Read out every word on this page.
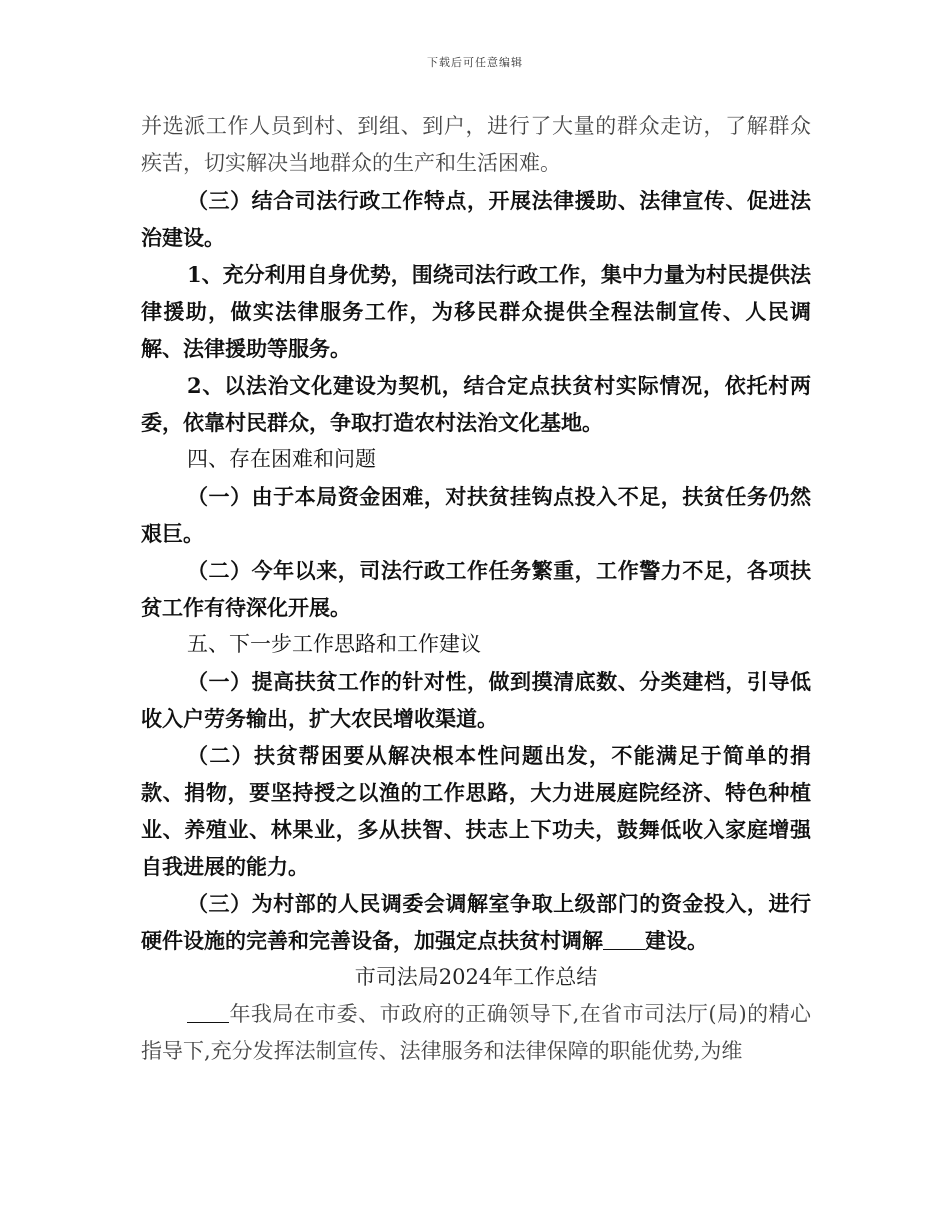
下载后可任意编辑

并选派工作人员到村、到组、到户，进行了大量的群众走访，了解群众疾苦，切实解决当地群众的生产和生活困难。

（三）结合司法行政工作特点，开展法律援助、法律宣传、促进法治建设。

1、充分利用自身优势，围绕司法行政工作，集中力量为村民提供法律援助，做实法律服务工作，为移民群众提供全程法制宣传、人民调解、法律援助等服务。

2、以法治文化建设为契机，结合定点扶贫村实际情况，依托村两委，依靠村民群众，争取打造农村法治文化基地。

四、存在困难和问题

（一）由于本局资金困难，对扶贫挂钩点投入不足，扶贫任务仍然艰巨。

（二）今年以来，司法行政工作任务繁重，工作警力不足，各项扶贫工作有待深化开展。

五、下一步工作思路和工作建议

（一）提高扶贫工作的针对性，做到摸清底数、分类建档，引导低收入户劳务输出，扩大农民增收渠道。

（二）扶贫帮困要从解决根本性问题出发，不能满足于简单的捐款、捐物，要坚持授之以渔的工作思路，大力进展庭院经济、特色种植业、养殖业、林果业，多从扶智、扶志上下功夫，鼓舞低收入家庭增强自我进展的能力。

（三）为村部的人民调委会调解室争取上级部门的资金投入，进行硬件设施的完善和完善设备，加强定点扶贫村调解 建设。

市司法局2024年工作总结

年我局在市委、市政府的正确领导下,在省市司法厅(局)的精心指导下,充分发挥法制宣传、法律服务和法律保障的职能优势,为维
